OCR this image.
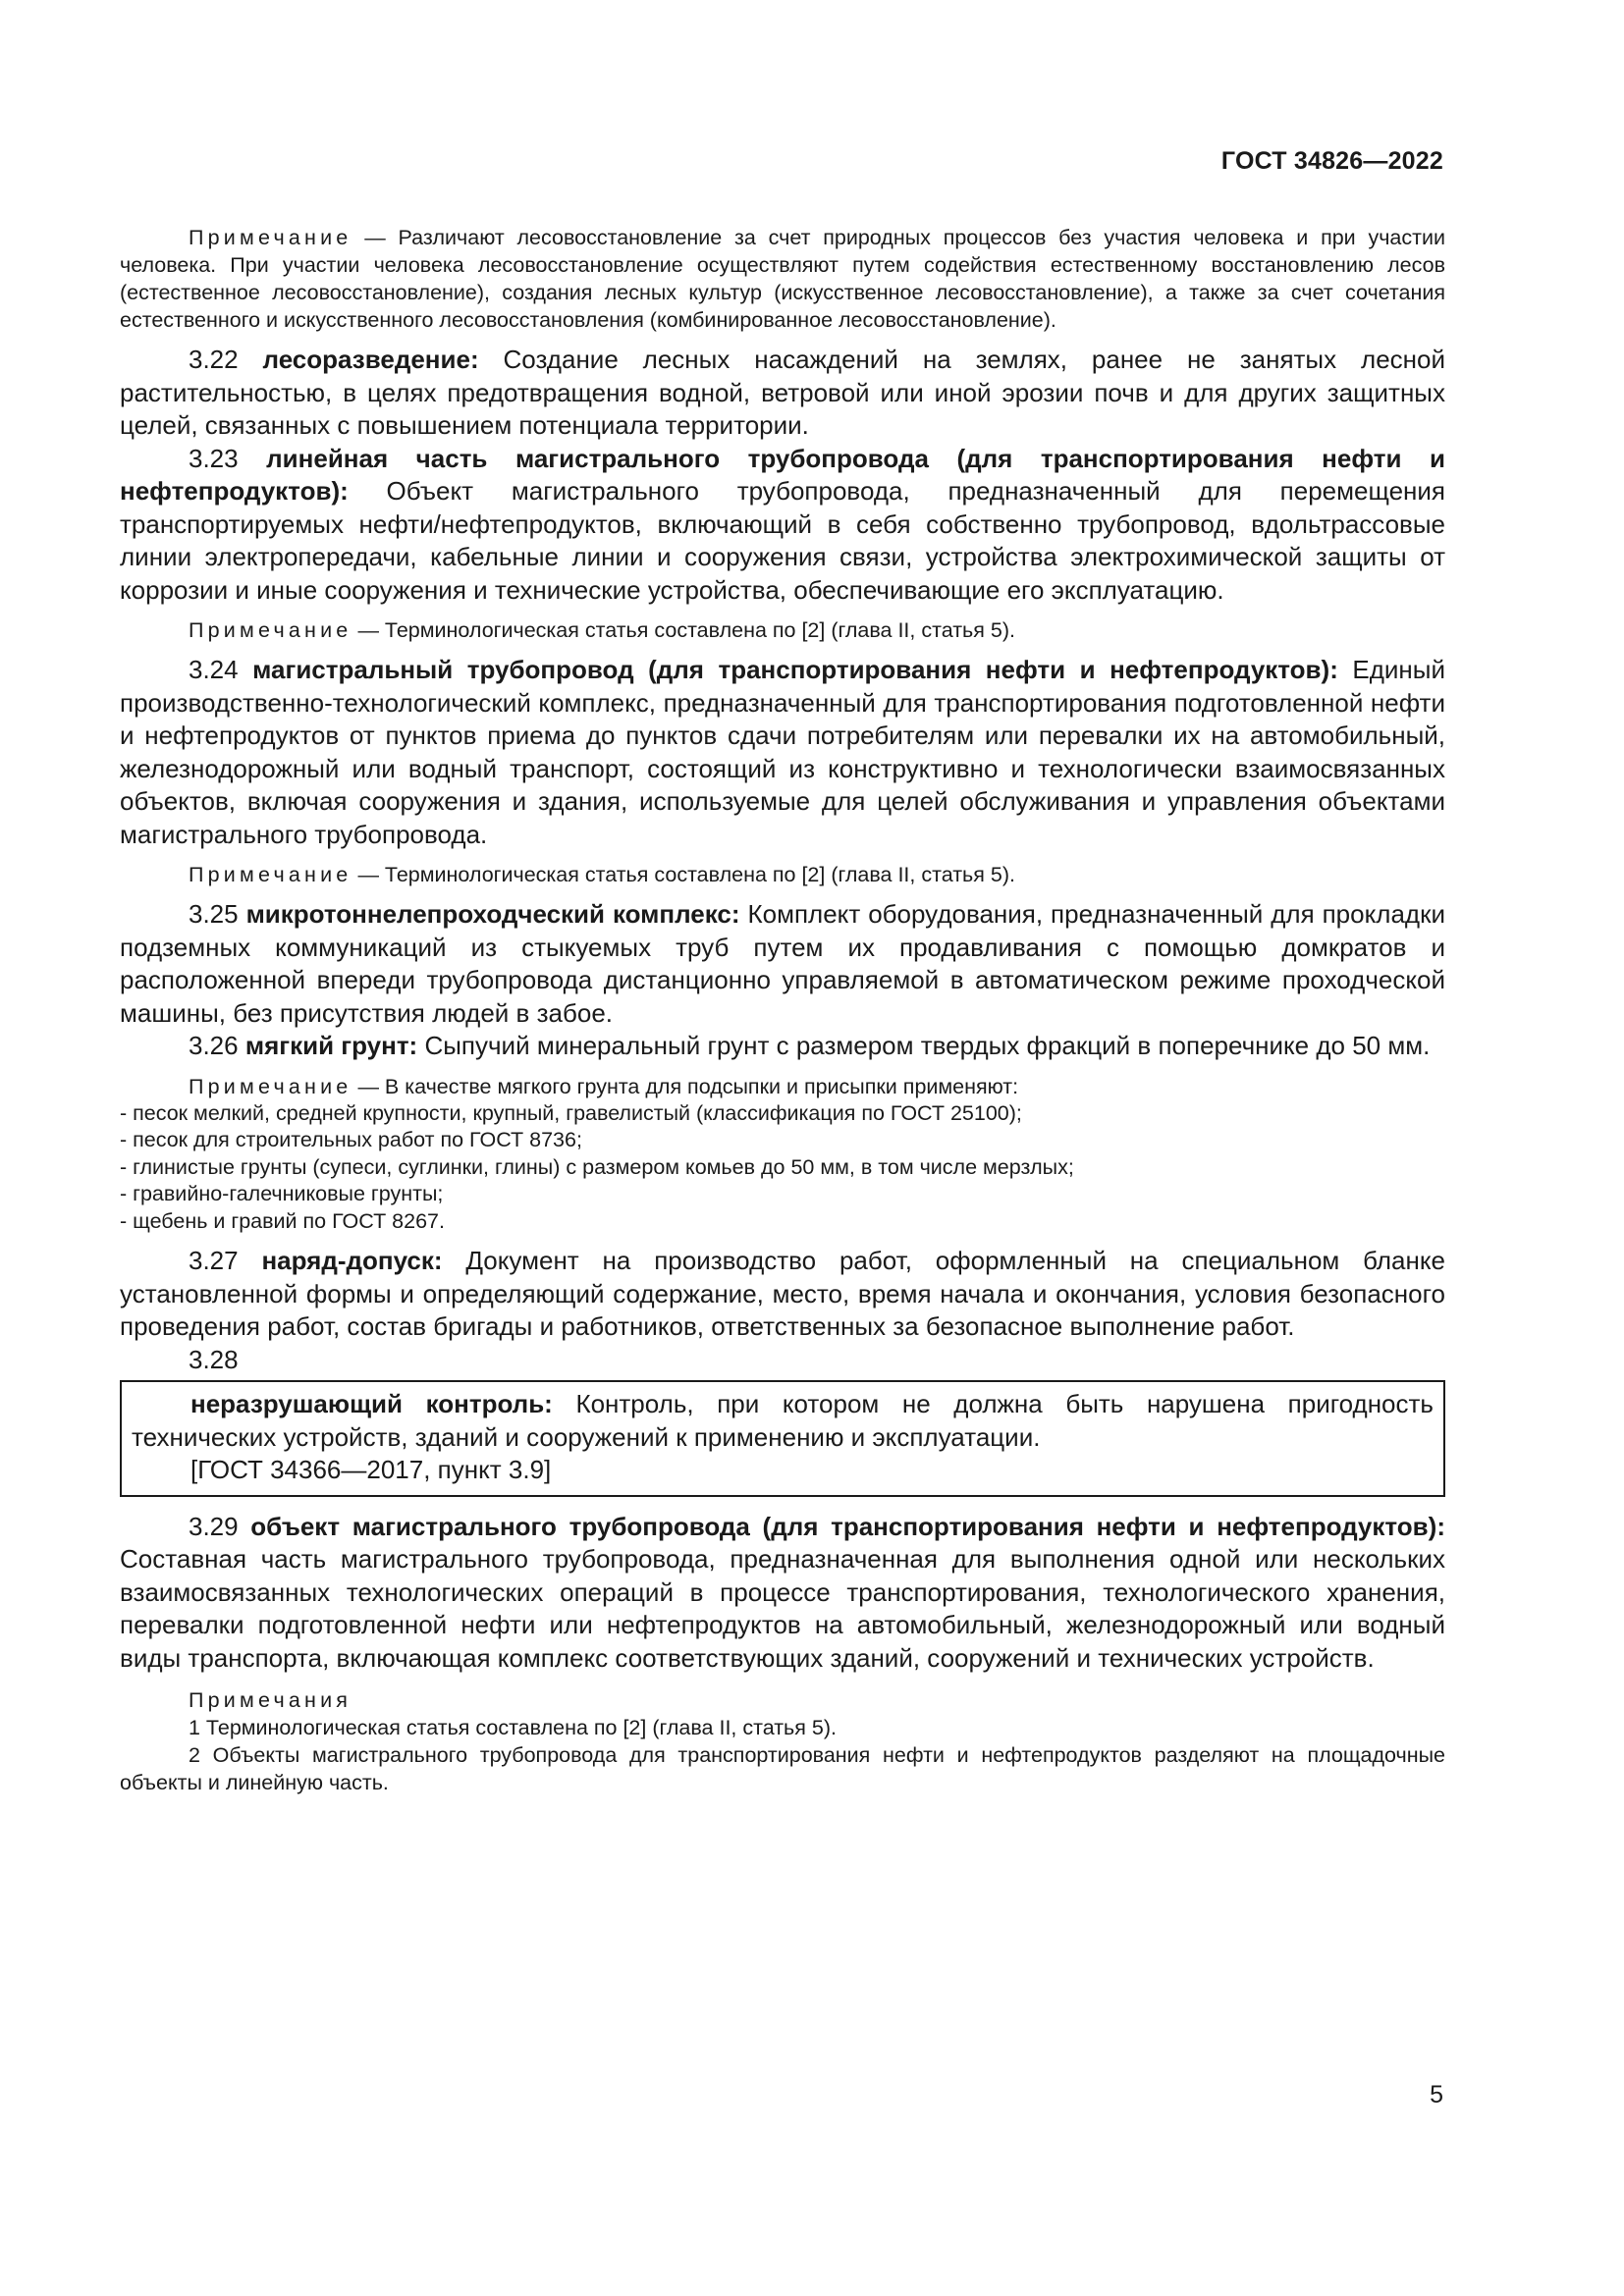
ГОСТ 34826—2022

Примечание — Различают лесовосстановление за счет природных процессов без участия человека и при участии человека. При участии человека лесовосстановление осуществляют путем содействия естественному восстановлению лесов (естественное лесовосстановление), создания лесных культур (искусственное лесовосстановление), а также за счет сочетания естественного и искусственного лесовосстановления (комбинированное лесовосстановление).

3.22 лесоразведение: Создание лесных насаждений на землях, ранее не занятых лесной растительностью, в целях предотвращения водной, ветровой или иной эрозии почв и для других защитных целей, связанных с повышением потенциала территории.

3.23 линейная часть магистрального трубопровода (для транспортирования нефти и нефтепродуктов): Объект магистрального трубопровода, предназначенный для перемещения транспортируемых нефти/нефтепродуктов, включающий в себя собственно трубопровод, вдольтрассовые линии электропередачи, кабельные линии и сооружения связи, устройства электрохимической защиты от коррозии и иные сооружения и технические устройства, обеспечивающие его эксплуатацию.

Примечание — Терминологическая статья составлена по [2] (глава II, статья 5).

3.24 магистральный трубопровод (для транспортирования нефти и нефтепродуктов): Единый производственно-технологический комплекс, предназначенный для транспортирования подготовленной нефти и нефтепродуктов от пунктов приема до пунктов сдачи потребителям или перевалки их на автомобильный, железнодорожный или водный транспорт, состоящий из конструктивно и технологически взаимосвязанных объектов, включая сооружения и здания, используемые для целей обслуживания и управления объектами магистрального трубопровода.

Примечание — Терминологическая статья составлена по [2] (глава II, статья 5).

3.25 микротоннелепроходческий комплекс: Комплект оборудования, предназначенный для прокладки подземных коммуникаций из стыкуемых труб путем их продавливания с помощью домкратов и расположенной впереди трубопровода дистанционно управляемой в автоматическом режиме проходческой машины, без присутствия людей в забое.

3.26 мягкий грунт: Сыпучий минеральный грунт с размером твердых фракций в поперечнике до 50 мм.

Примечание — В качестве мягкого грунта для подсыпки и присыпки применяют:

- песок мелкий, средней крупности, крупный, гравелистый (классификация по ГОСТ 25100);
- песок для строительных работ по ГОСТ 8736;
- глинистые грунты (супеси, суглинки, глины) с размером комьев до 50 мм, в том числе мерзлых;
- гравийно-галечниковые грунты;
- щебень и гравий по ГОСТ 8267.

3.27 наряд-допуск: Документ на производство работ, оформленный на специальном бланке установленной формы и определяющий содержание, место, время начала и окончания, условия безопасного проведения работ, состав бригады и работников, ответственных за безопасное выполнение работ.

3.28

неразрушающий контроль: Контроль, при котором не должна быть нарушена пригодность технических устройств, зданий и сооружений к применению и эксплуатации.

[ГОСТ 34366—2017, пункт 3.9]

3.29 объект магистрального трубопровода (для транспортирования нефти и нефтепродуктов): Составная часть магистрального трубопровода, предназначенная для выполнения одной или нескольких взаимосвязанных технологических операций в процессе транспортирования, технологического хранения, перевалки подготовленной нефти или нефтепродуктов на автомобильный, железнодорожный или водный виды транспорта, включающая комплекс соответствующих зданий, сооружений и технических устройств.

Примечания

1 Терминологическая статья составлена по [2] (глава II, статья 5).

2 Объекты магистрального трубопровода для транспортирования нефти и нефтепродуктов разделяют на площадочные объекты и линейную часть.

5
